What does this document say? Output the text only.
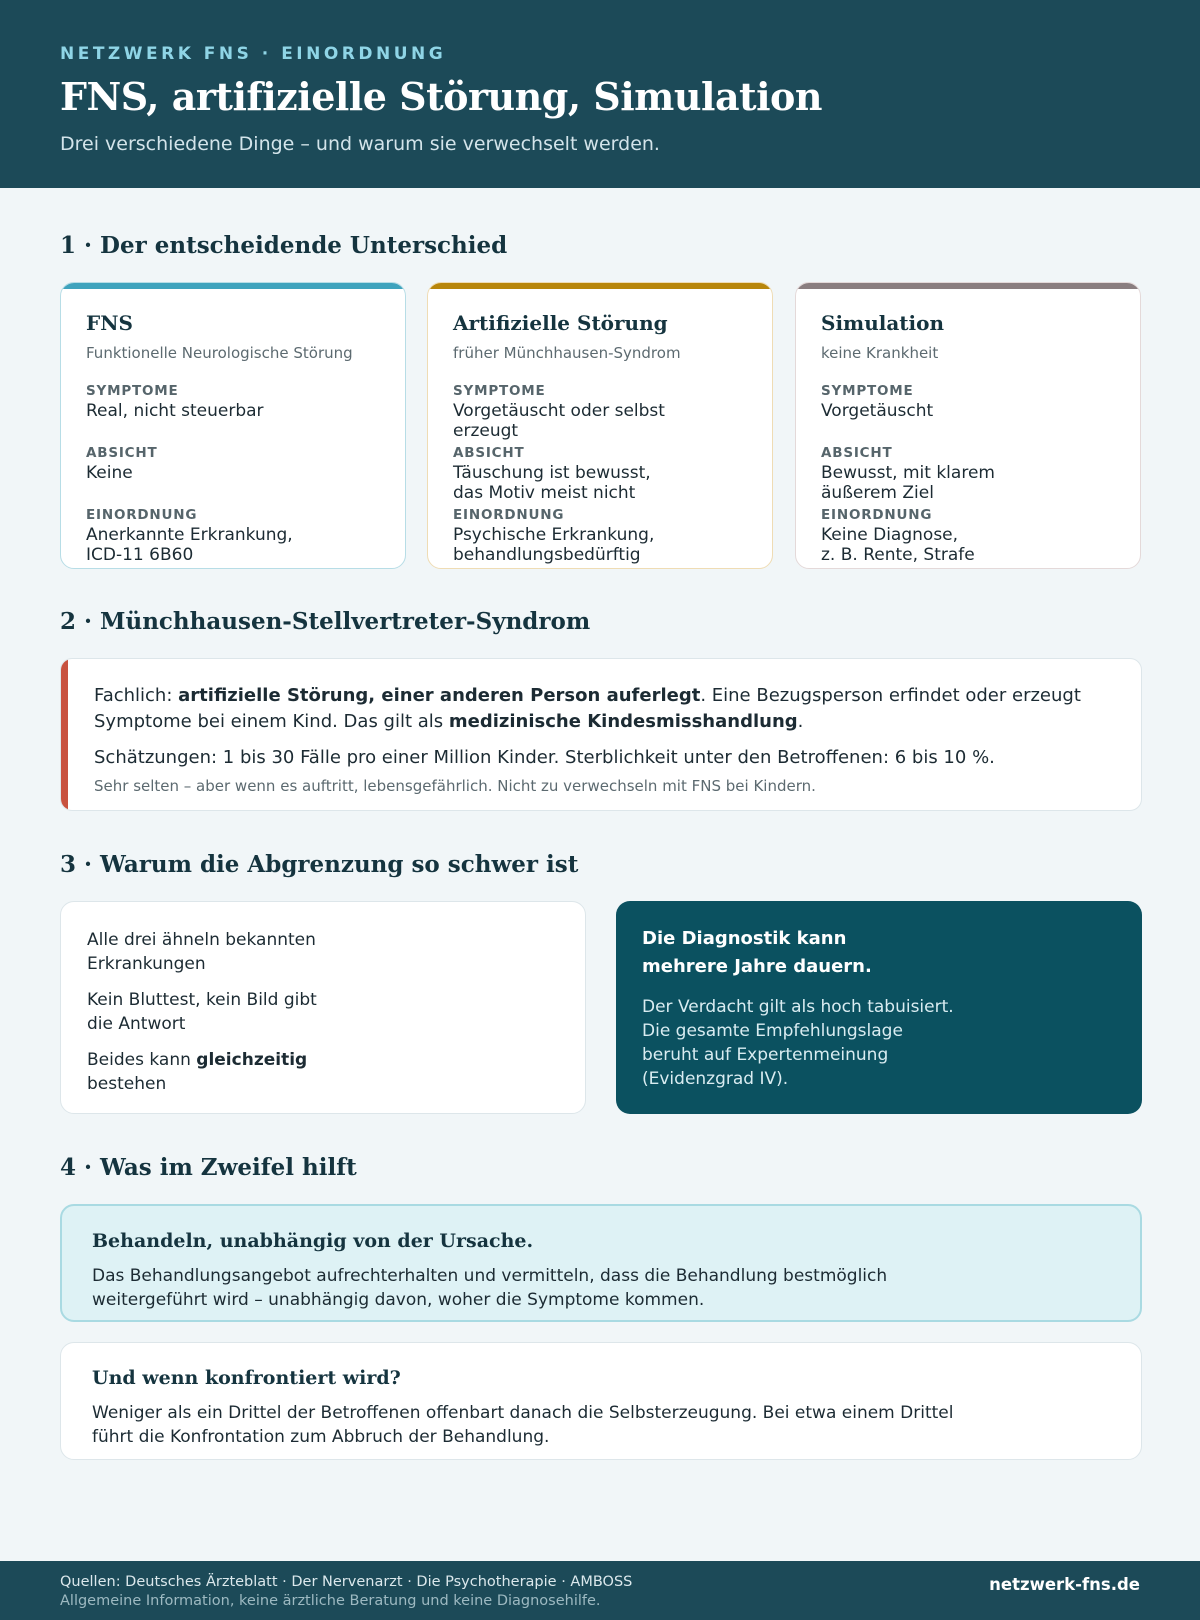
NETZWERK FNS · EINORDNUNG
FNS, artifizielle Störung, Simulation
Drei verschiedene Dinge – und warum sie verwechselt werden.
1 · Der entscheidende Unterschied
FNS
Funktionelle Neurologische Störung
SYMPTOME
Real, nicht steuerbar
ABSICHT
Keine
EINORDNUNG
Anerkannte Erkrankung,
ICD-11 6B60
Artifizielle Störung
früher Münchhausen-Syndrom
SYMPTOME
Vorgetäuscht oder selbst
erzeugt
ABSICHT
Täuschung ist bewusst,
das Motiv meist nicht
EINORDNUNG
Psychische Erkrankung,
behandlungsbedürftig
Simulation
keine Krankheit
SYMPTOME
Vorgetäuscht
ABSICHT
Bewusst, mit klarem
äußerem Ziel
EINORDNUNG
Keine Diagnose,
z. B. Rente, Strafe
2 · Münchhausen-Stellvertreter-Syndrom

Fachlich: artifizielle Störung, einer anderen Person auferlegt. Eine Bezugsperson erfindet oder erzeugt Symptome bei einem Kind. Das gilt als medizinische Kindesmisshandlung.

Schätzungen: 1 bis 30 Fälle pro einer Million Kinder. Sterblichkeit unter den Betroffenen: 6 bis 10 %.

Sehr selten – aber wenn es auftritt, lebensgefährlich. Nicht zu verwechseln mit FNS bei Kindern.
3 · Warum die Abgrenzung so schwer ist
Alle drei ähneln bekannten Erkrankungen
Kein Bluttest, kein Bild gibt die Antwort
Beides kann gleichzeitig bestehen
Die Diagnostik kann mehrere Jahre dauern.
Der Verdacht gilt als hoch tabuisiert. Die gesamte Empfehlungslage beruht auf Expertenmeinung (Evidenzgrad IV).
4 · Was im Zweifel hilft
Behandeln, unabhängig von der Ursache.
Das Behandlungsangebot aufrechterhalten und vermitteln, dass die Behandlung bestmöglich weitergeführt wird – unabhängig davon, woher die Symptome kommen.
Und wenn konfrontiert wird?
Weniger als ein Drittel der Betroffenen offenbart danach die Selbsterzeugung. Bei etwa einem Drittel führt die Konfrontation zum Abbruch der Behandlung.
Quellen: Deutsches Ärzteblatt · Der Nervenarzt · Die Psychotherapie · AMBOSS
Allgemeine Information, keine ärztliche Beratung und keine Diagnosehilfe.
netzwerk-fns.de
